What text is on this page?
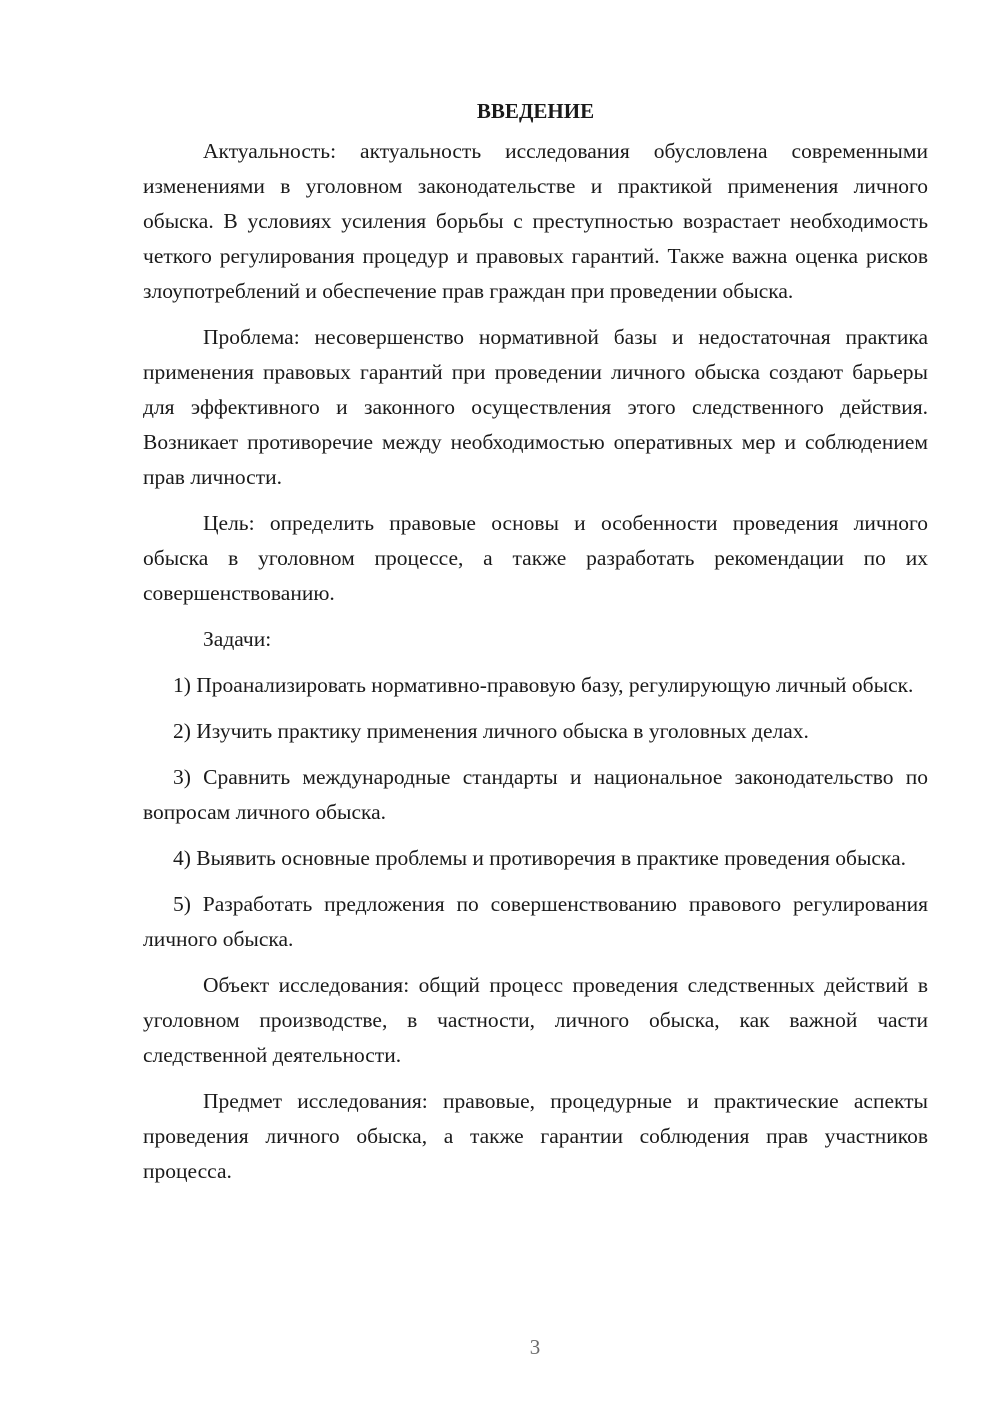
ВВЕДЕНИЕ

Актуальность: актуальность исследования обусловлена современными изменениями в уголовном законодательстве и практикой применения личного обыска. В условиях усиления борьбы с преступностью возрастает необходимость четкого регулирования процедур и правовых гарантий. Также важна оценка рисков злоупотреблений и обеспечение прав граждан при проведении обыска.

Проблема: несовершенство нормативной базы и недостаточная практика применения правовых гарантий при проведении личного обыска создают барьеры для эффективного и законного осуществления этого следственного действия. Возникает противоречие между необходимостью оперативных мер и соблюдением прав личности.

Цель: определить правовые основы и особенности проведения личного обыска в уголовном процессе, а также разработать рекомендации по их совершенствованию.

Задачи:

1) Проанализировать нормативно-правовую базу, регулирующую личный обыск.

2) Изучить практику применения личного обыска в уголовных делах.

3) Сравнить международные стандарты и национальное законодательство по вопросам личного обыска.

4) Выявить основные проблемы и противоречия в практике проведения обыска.

5) Разработать предложения по совершенствованию правового регулирования личного обыска.

Объект исследования: общий процесс проведения следственных действий в уголовном производстве, в частности, личного обыска, как важной части следственной деятельности.

Предмет исследования: правовые, процедурные и практические аспекты проведения личного обыска, а также гарантии соблюдения прав участников процесса.

3
